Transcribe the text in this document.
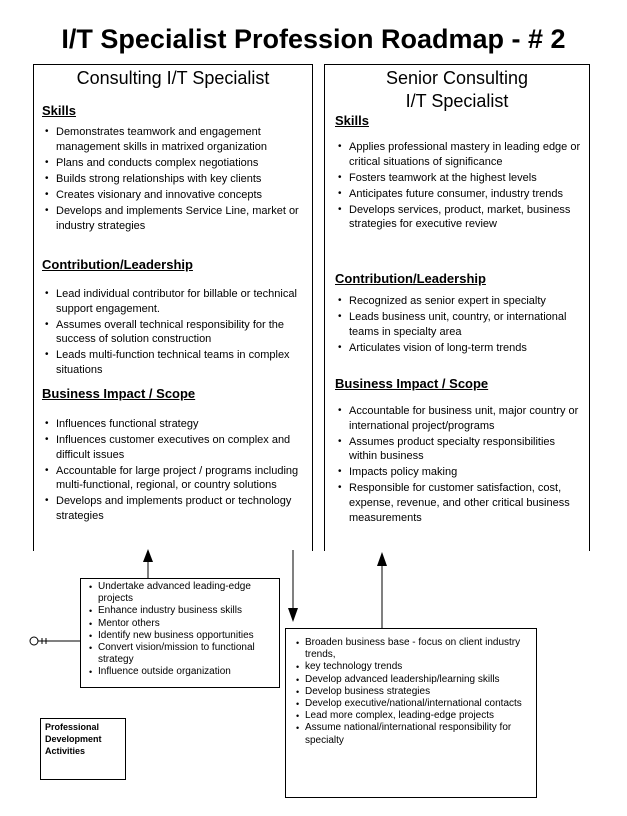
I/T Specialist Profession Roadmap - # 2
Consulting I/T Specialist
Skills
• Demonstrates teamwork and engagement management skills in matrixed organization
• Plans and conducts complex negotiations
• Builds strong relationships with key clients
• Creates visionary and innovative concepts
• Develops and implements Service Line, market or industry strategies
Contribution/Leadership
• Lead individual contributor for billable or technical support engagement.
• Assumes overall technical responsibility for the success of solution construction
• Leads multi-function technical teams in complex situations
Business Impact / Scope
• Influences functional strategy
• Influences customer executives on complex and difficult issues
• Accountable for large project / programs including multi-functional, regional, or country solutions
• Develops and implements product or technology strategies
Senior Consulting
I/T Specialist
Skills
• Applies professional mastery in leading edge or critical situations of significance
• Fosters teamwork at the highest levels
• Anticipates future consumer, industry trends
• Develops services, product, market, business strategies for executive review
Contribution/Leadership
• Recognized as senior expert in specialty
• Leads business unit, country, or international teams in specialty area
• Articulates vision of long-term trends
Business Impact / Scope
• Accountable for business unit, major country or international project/programs
• Assumes product specialty responsibilities within business
• Impacts policy making
• Responsible for customer satisfaction, cost, expense, revenue, and other critical business measurements
• Undertake advanced leading-edge projects
• Enhance industry business skills
• Mentor others
• Identify new business opportunities
• Convert vision/mission to functional strategy
• Influence outside organization
• Broaden business base - focus on client industry trends,
• key technology trends
• Develop advanced leadership/learning skills
• Develop business strategies
• Develop executive/national/international contacts
• Lead more complex, leading-edge projects
• Assume national/international responsibility for specialty
Professional
Development
Activities
